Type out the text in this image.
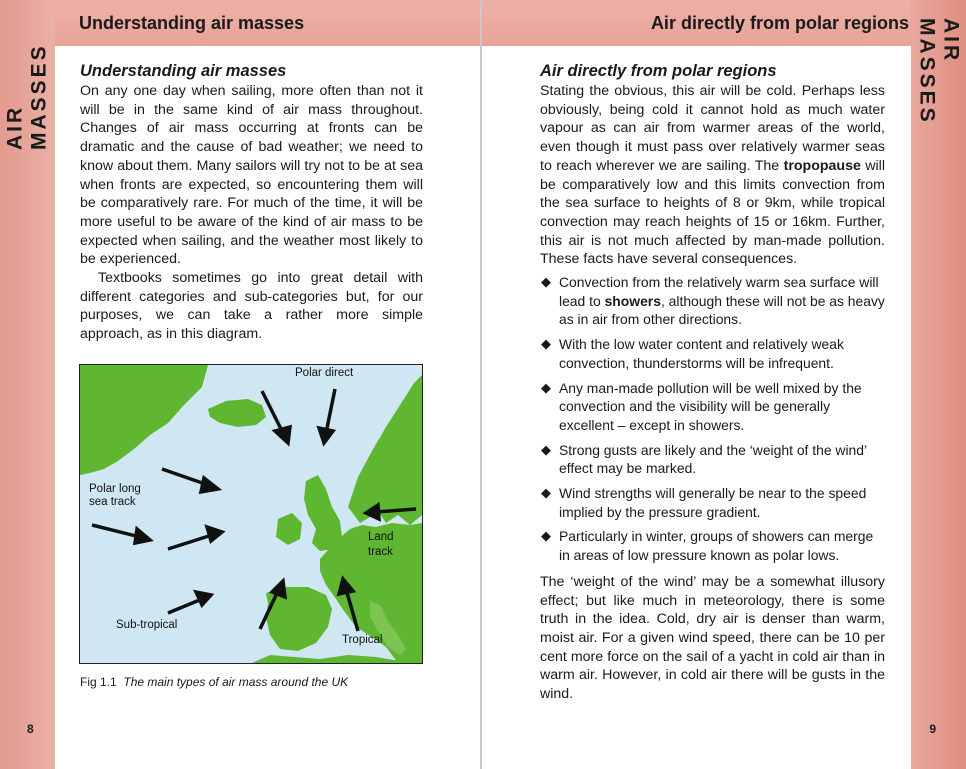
AIR MASSES
8
Understanding air masses
Understanding air masses

On any one day when sailing, more often than not it will be in the same kind of air mass throughout. Changes of air mass occurring at fronts can be dramatic and the cause of bad weather; we need to know about them. Many sailors will try not to be at sea when fronts are expected, so encountering them will be comparatively rare. For much of the time, it will be more useful to be aware of the kind of air mass to be expected when sailing, and the weather most likely to be experienced.

Textbooks sometimes go into great detail with different categories and sub-categories but, for our purposes, we can take a rather more simple approach, as in this diagram.

Polar direct
Polar long
sea track
Land
track
Sub-tropical
Tropical
Fig 1.1 The main types of air mass around the UK
AIR MASSES
9
Air directly from polar regions
Air directly from polar regions

Stating the obvious, this air will be cold. Perhaps less obviously, being cold it cannot hold as much water vapour as can air from warmer areas of the world, even though it must pass over relatively warmer seas to reach wherever we are sailing. The tropopause will be comparatively low and this limits convection from the sea surface to heights of 8 or 9km, while tropical convection may reach heights of 15 or 16km. Further, this air is not much affected by man-made pollution. These facts have several consequences.

◆ Convection from the relatively warm sea surface will lead to showers, although these will not be as heavy as in air from other directions.
◆ With the low water content and relatively weak convection, thunderstorms will be infrequent.
◆ Any man-made pollution will be well mixed by the convection and the visibility will be generally excellent – except in showers.
◆ Strong gusts are likely and the ‘weight of the wind’ effect may be marked.
◆ Wind strengths will generally be near to the speed implied by the pressure gradient.
◆ Particularly in winter, groups of showers can merge in areas of low pressure known as polar lows.

The ‘weight of the wind’ may be a somewhat illusory effect; but like much in meteorology, there is some truth in the idea. Cold, dry air is denser than warm, moist air. For a given wind speed, there can be 10 per cent more force on the sail of a yacht in cold air than in warm air. However, in cold air there will be gusts in the wind.
